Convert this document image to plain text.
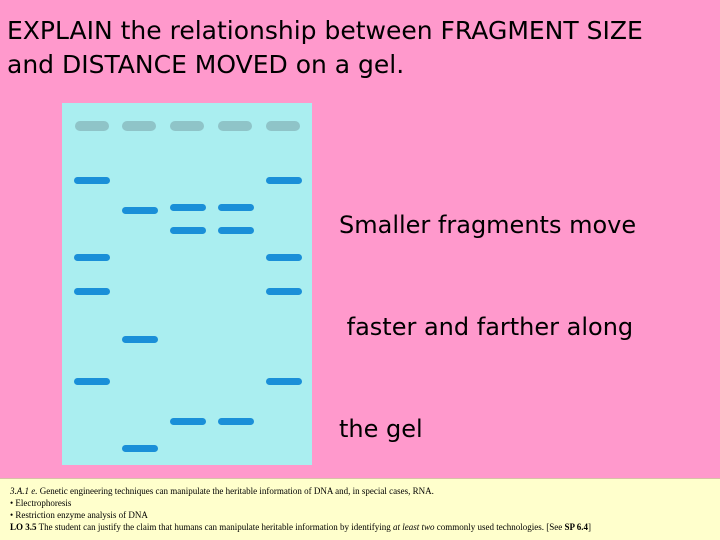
EXPLAIN the relationship between FRAGMENT SIZE
and DISTANCE MOVED on a gel.

Smaller fragments move

faster and farther along

the gel

3.A.1 e. Genetic engineering techniques can manipulate the heritable information of DNA and, in special cases, RNA.
• Electrophoresis
• Restriction enzyme analysis of DNA
LO 3.5 The student can justify the claim that humans can manipulate heritable information by identifying at least two commonly used technologies. [See SP 6.4]
